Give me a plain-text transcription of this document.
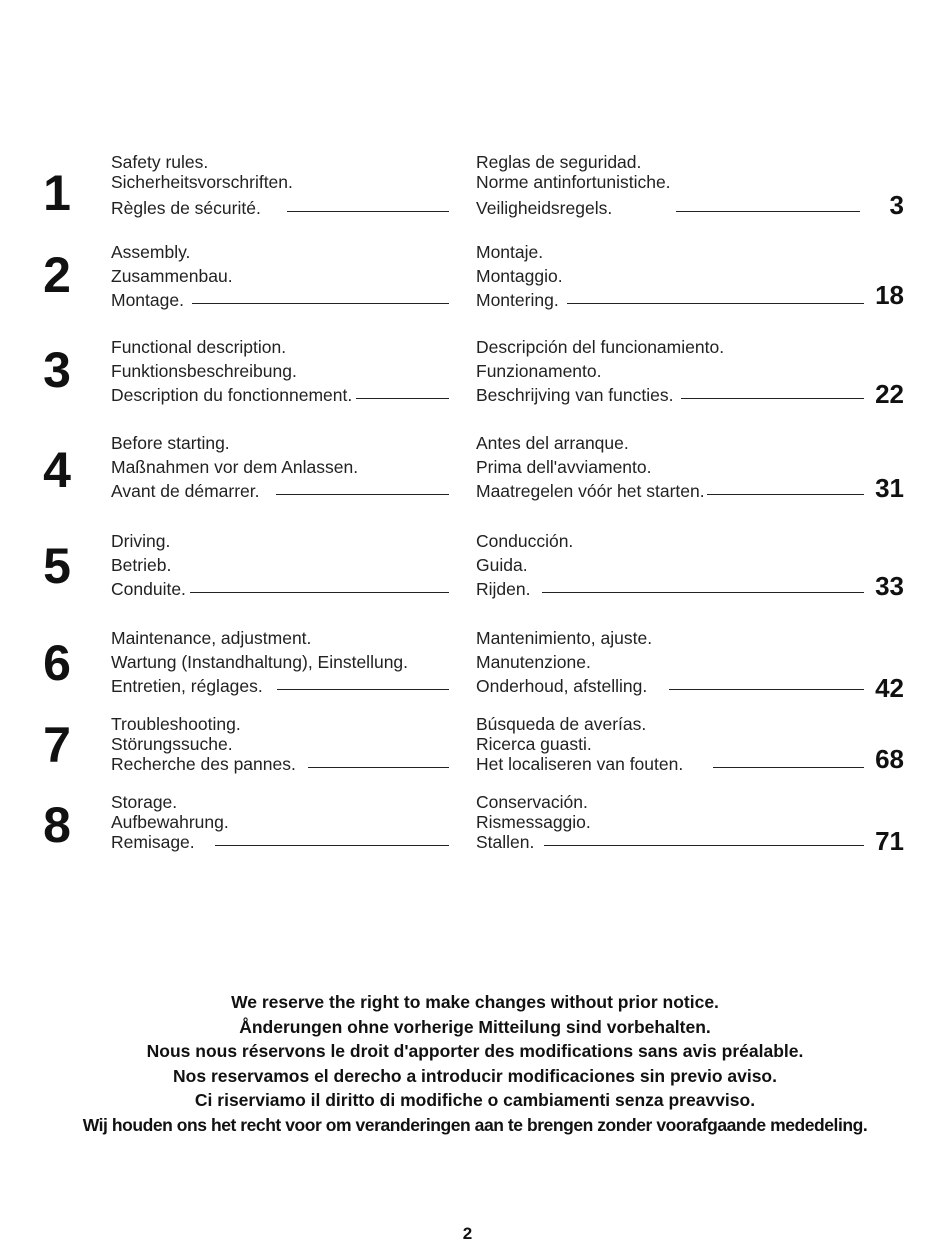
1
Safety rules.
Sicherheitsvorschriften.
Règles de sécurité.
Reglas de seguridad.
Norme antinfortunistiche.
Veiligheidsregels.	3
2	Assembly.
Zusammenbau.
Montage.
Montaje.
Montaggio.
Montering.	18
3	Functional description.
Funktionsbeschreibung.
Description du fonctionnement.
Descripción del funcionamiento.
Funzionamento.
Beschrijving van functies.	22
4	Before starting.
Maßnahmen vor dem Anlassen.
Avant de démarrer.
Antes del arranque.
Prima dell'avviamento.
Maatregelen vóór het starten.	31
5	Driving.
Betrieb.
Conduite.
Conducción.
Guida.
Rijden.	33
6	Maintenance, adjustment.
Wartung (Instandhaltung), Einstellung.
Entretien, réglages.
Mantenimiento, ajuste.
Manutenzione.
Onderhoud, afstelling.	42
7	Troubleshooting.
Störungssuche.
Recherche des pannes.
Búsqueda de averías.
Ricerca guasti.
Het localiseren van fouten.	68
8	Storage.
Aufbewahrung.
Remisage.
Conservación.
Rismessaggio.
Stallen.	71
We reserve the right to make changes without prior notice.
Ånderungen ohne vorherige Mitteilung sind vorbehalten.
Nous nous réservons le droit d'apporter des modifications sans avis préalable.
Nos reservamos el derecho a introducir modificaciones sin previo aviso.
Ci riserviamo il diritto di modifiche o cambiamenti senza preavviso.
Wij houden ons het recht voor om veranderingen aan te brengen zonder voorafgaande mededeling.
2
